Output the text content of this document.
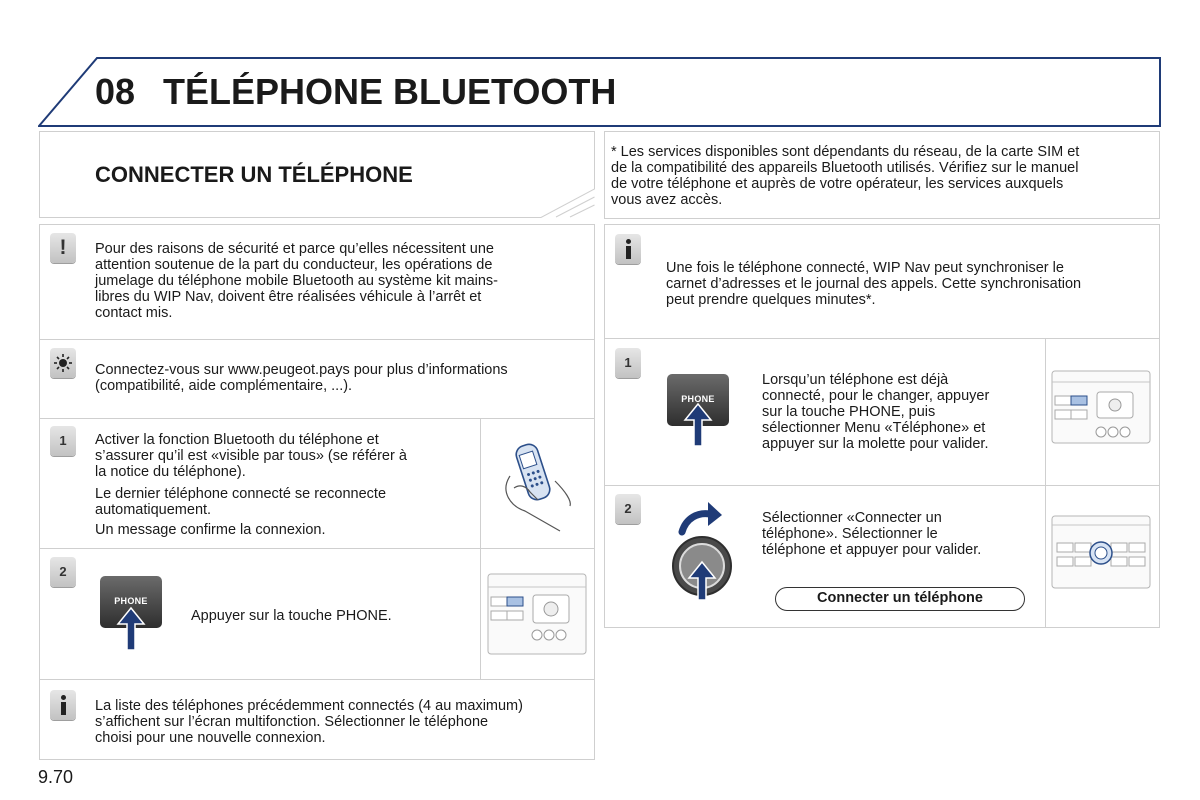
08 TÉLÉPHONE BLUETOOTH
CONNECTER UN TÉLÉPHONE
* Les services disponibles sont dépendants du réseau, de la carte SIM et
de la compatibilité des appareils Bluetooth utilisés. Vérifiez sur le manuel
de votre téléphone et auprès de votre opérateur, les services auxquels
vous avez accès.
!	Pour des raisons de sécurité et parce qu’elles nécessitent une
attention soutenue de la part du conducteur, les opérations de
jumelage du téléphone mobile Bluetooth au système kit mains-
libres du WIP Nav, doivent être réalisées véhicule à l’arrêt et
contact mis.
Connectez-vous sur www.peugeot.pays pour plus d’informations
(compatibilité, aide complémentaire, ...).
1	Activer la fonction Bluetooth du téléphone et
s’assurer qu’il est «visible par tous» (se référer à
la notice du téléphone).
Le dernier téléphone connecté se reconnecte
automatiquement.
Un message confirme la connexion.
2
PHONE
Appuyer sur la touche PHONE.
La liste des téléphones précédemment connectés (4 au maximum)
s’affichent sur l’écran multifonction. Sélectionner le téléphone
choisi pour une nouvelle connexion.
Une fois le téléphone connecté, WIP Nav peut synchroniser le
carnet d’adresses et le journal des appels. Cette synchronisation
peut prendre quelques minutes*.
1
PHONE
Lorsqu’un téléphone est déjà
connecté, pour le changer, appuyer
sur la touche PHONE, puis
sélectionner Menu «Téléphone» et
appuyer sur la molette pour valider.
2
Sélectionner «Connecter un
téléphone». Sélectionner le
téléphone et appuyer pour valider.
Connecter un téléphone
9.70
